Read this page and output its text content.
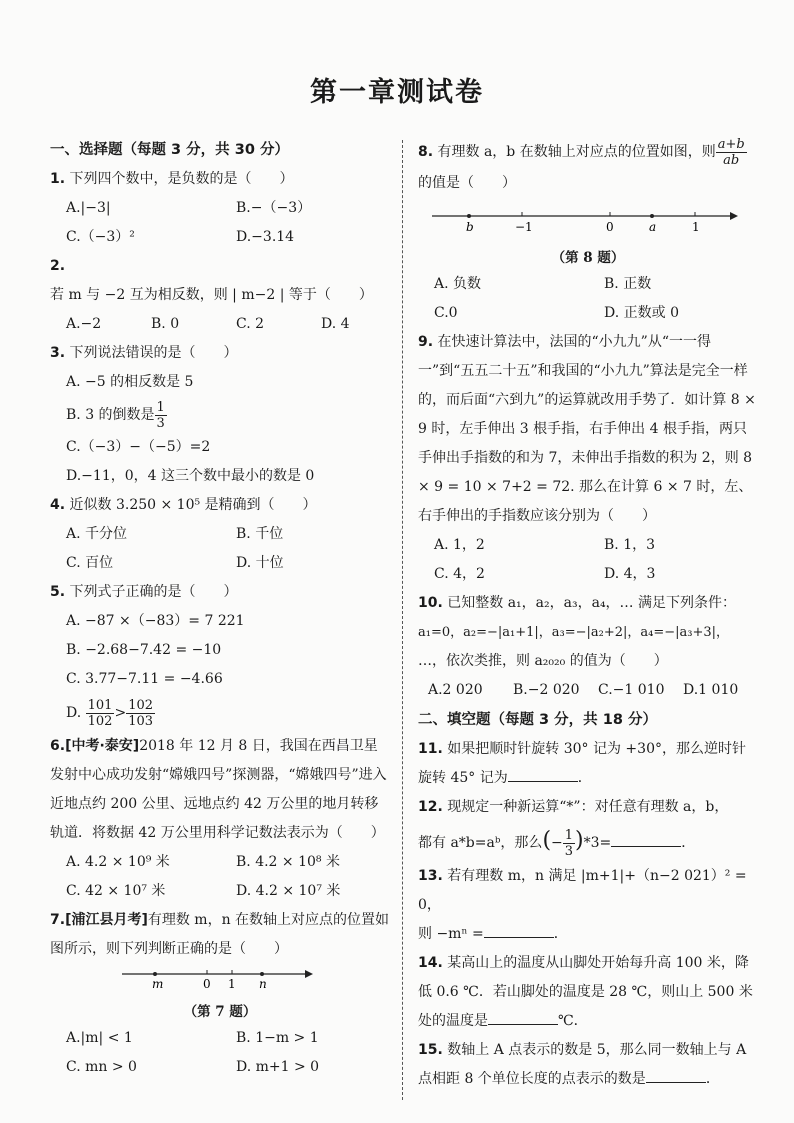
第一章测试卷
一、选择题（每题 3 分，共 30 分）
1. 下列四个数中，是负数的是（　　）
A.|−3|	B.−（−3）
C.（−3）²	D.−3.14
2. 若 m 与 −2 互为相反数，则 | m−2 | 等于（　　）
A.−2	B. 0	C. 2	D. 4
3. 下列说法错误的是（　　）
A. −5 的相反数是 5
B. 3 的倒数是 $\frac{1}{3}$
C.（−3）−（−5）=2
D.−11，0，4 这三个数中最小的数是 0
4. 近似数 3.250 × 10⁵ 是精确到（　　）
A. 千分位	B. 千位
C. 百位	D. 十位
5. 下列式子正确的是（　　）
A. −87 ×（−83）= 7 221
B. −2.68−7.42 = −10
C. 3.77−7.11 = −4.66
D. $\frac{101}{102} > \frac{102}{103}$
6.[中考·泰安]2018 年 12 月 8 日，我国在西昌卫星发射中心成功发射“嫦娥四号”探测器，“嫦娥四号”进入近地点约 200 公里、远地点约 42 万公里的地月转移轨道．将数据 42 万公里用科学记数法表示为（　　）
A. 4.2 × 10⁹ 米	B. 4.2 × 10⁸ 米
C. 42 × 10⁷ 米	D. 4.2 × 10⁷ 米
7.[浦江县月考]有理数 m，n 在数轴上对应点的位置如图所示，则下列判断正确的是（　　）
m	0 1 n
（第 7 题）
A.|m| < 1	B. 1−m > 1
C. mn > 0	D. m+1 > 0
8. 有理数 a，b 在数轴上对应点的位置如图，则 $\frac{a+b}{ab}$
的值是（　　）
b	−1	0	a	1
（第 8 题）
A. 负数	B. 正数
C.0	D. 正数或 0
9. 在快速计算法中，法国的“小九九”从“一一得一”到“五五二十五”和我国的“小九九”算法是完全一样的，而后面“六到九”的运算就改用手势了．如计算 8 × 9 时，左手伸出 3 根手指，右手伸出 4 根手指，两只手伸出手指数的和为 7，未伸出手指数的积为 2，则 8 × 9 = 10 × 7+2 = 72. 那么在计算 6 × 7 时，左、右手伸出的手指数应该分别为（　　）
A. 1，2	B. 1，3
C. 4，2	D. 4，3
10. 已知整数 a₁，a₂，a₃，a₄，… 满足下列条件：
a₁=0，a₂=−|a₁+1|，a₃=−|a₂+2|，a₄=−|a₃+3|，
…，依次类推，则 a₂₀₂₀ 的值为（　　）
A.2 020	B.−2 020	C.−1 010	D.1 010
二、填空题（每题 3 分，共 18 分）
11. 如果把顺时针旋转 30° 记为 +30°，那么逆时针旋转 45° 记为	．
12. 现规定一种新运算“*”：对任意有理数 a，b，
都有 a*b=aᵇ，那么(− $\frac{1}{3} )*3=$	．
13. 若有理数 m，n 满足 |m+1|+（n−2 021）² = 0，
则 −mⁿ =	．
14. 某高山上的温度从山脚处开始每升高 100 米，降低 0.6 ℃．若山脚处的温度是 28 ℃，则山上 500 米处的温度是	℃．
15. 数轴上 A 点表示的数是 5，那么同一数轴上与 A 点相距 8 个单位长度的点表示的数是	．
